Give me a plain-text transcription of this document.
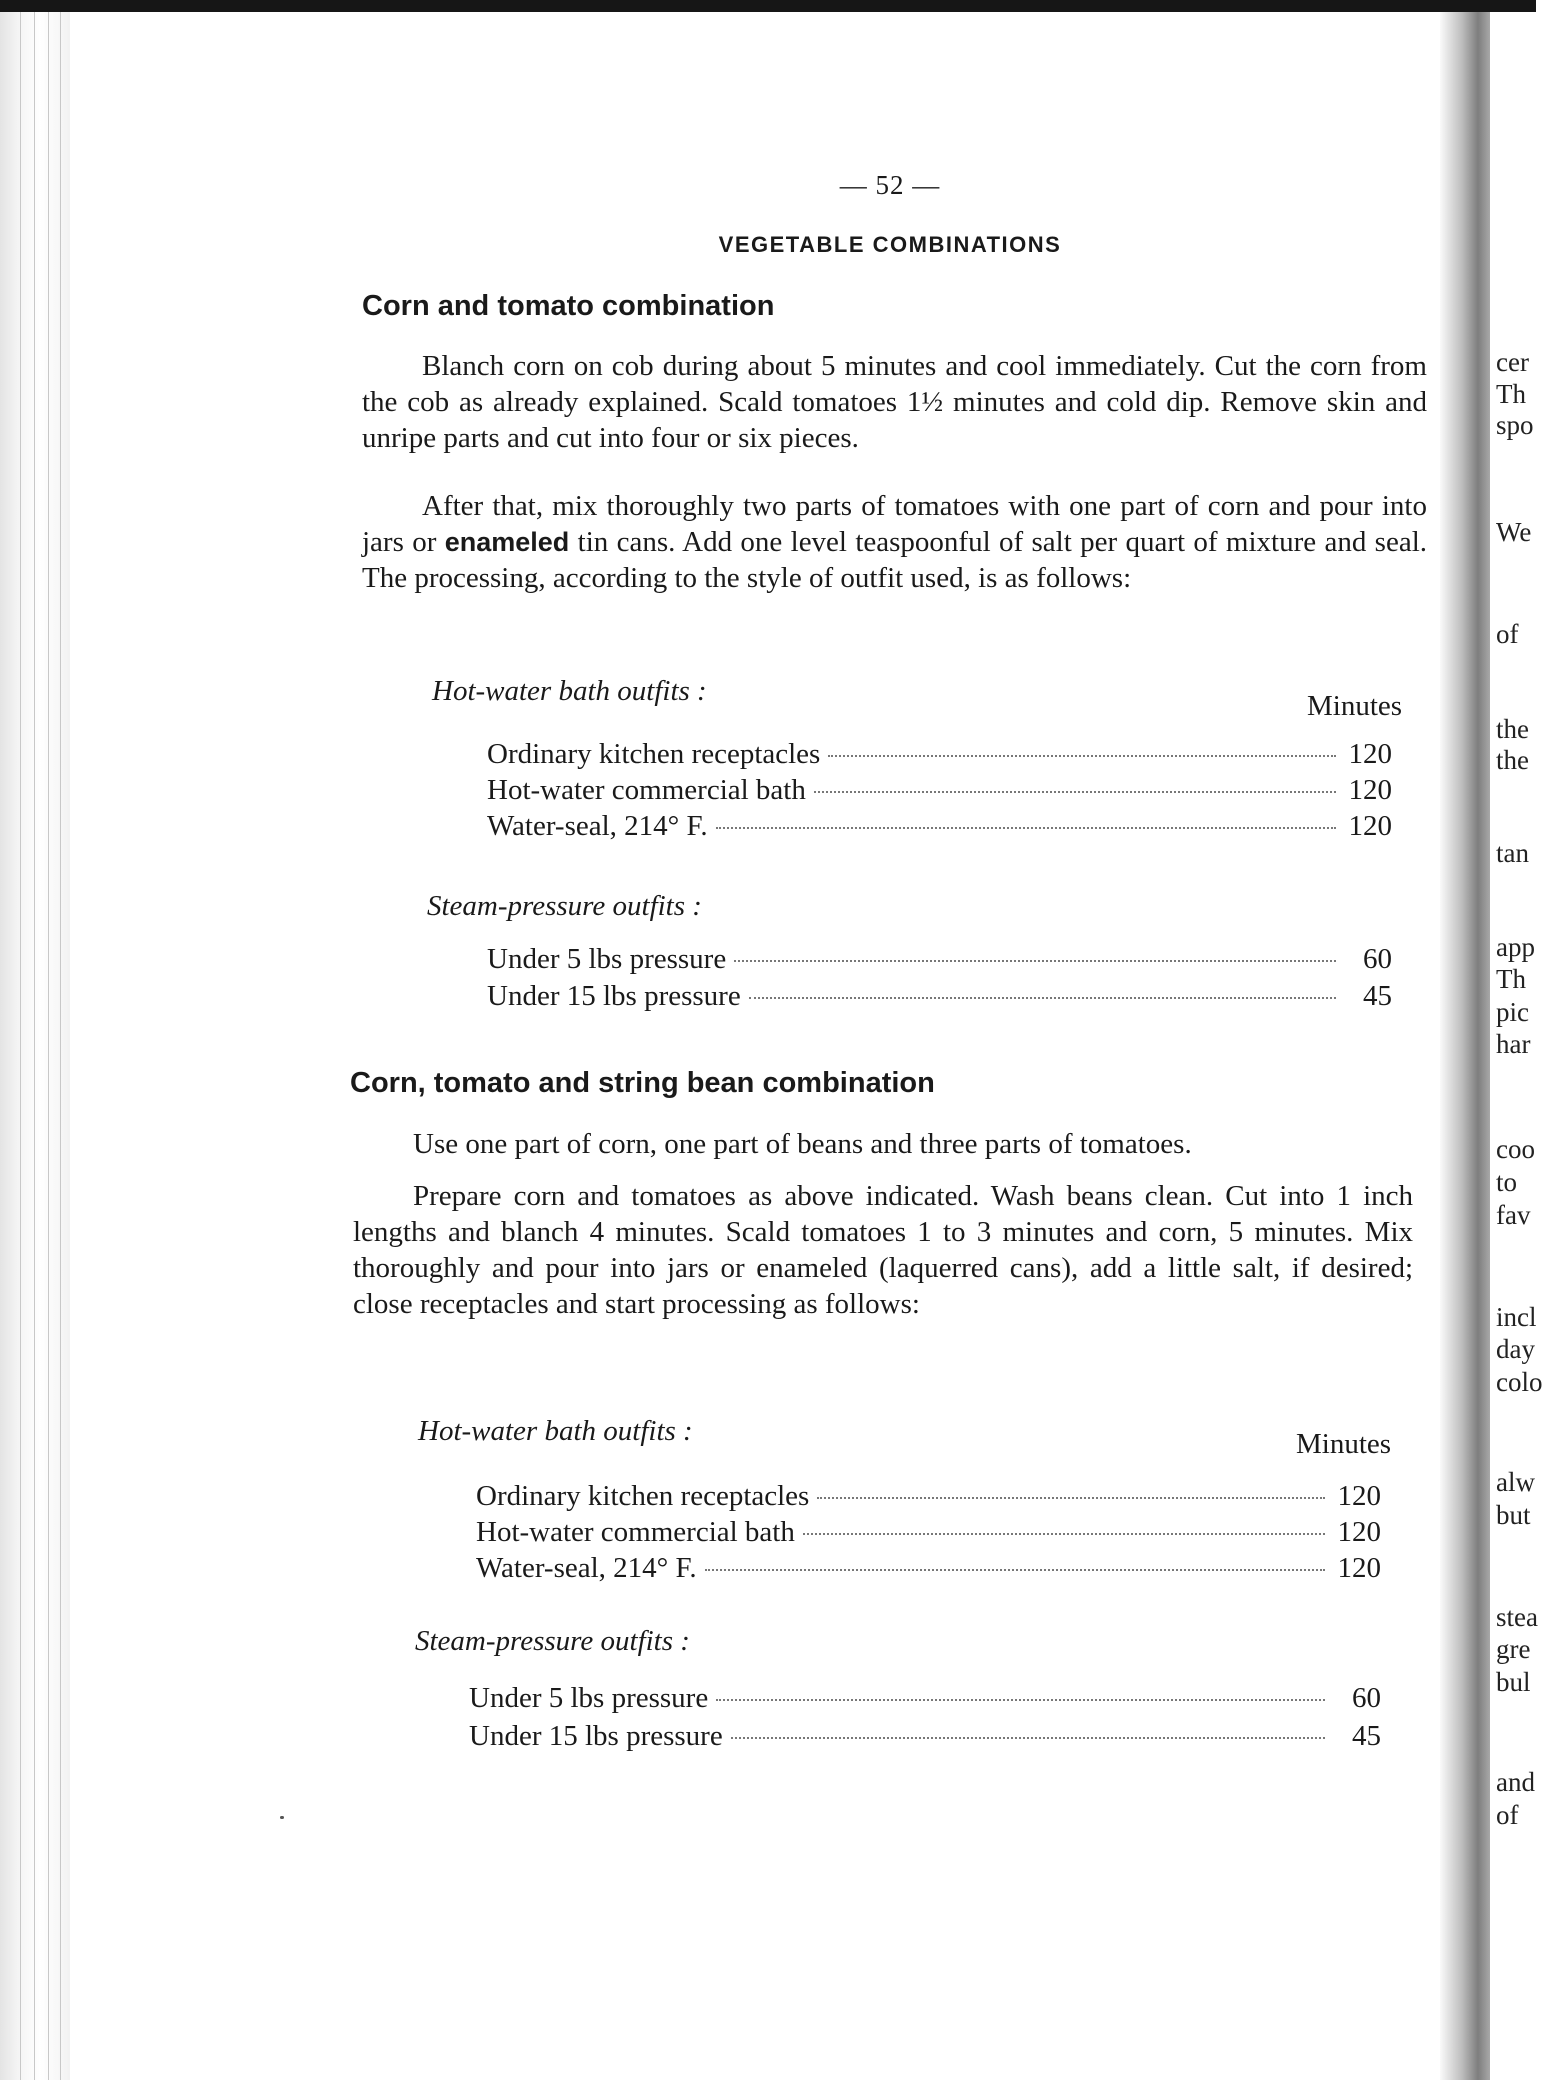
cer
Th
spo
We
of
the
the
tan
app
Th
pic
har
coo
to
fav
incl
day
colo
alw
but
stea
gre
bul
and
of
— 52 —
VEGETABLE COMBINATIONS
Corn and tomato combination
Blanch corn on cob during about 5 minutes and cool immediately. Cut the corn from the cob as already explained. Scald tomatoes 1½ minutes and cold dip. Remove skin and unripe parts and cut into four or six pieces.
After that, mix thoroughly two parts of tomatoes with one part of corn and pour into jars or enameled tin cans. Add one level teaspoonful of salt per quart of mixture and seal. The processing, according to the style of outfit used, is as follows:
Hot-water bath outfits :	Minutes
Ordinary kitchen receptacles	120
Hot-water commercial bath	120
Water-seal, 214° F.	120
Steam-pressure outfits :
Under 5 lbs pressure	60
Under 15 lbs pressure	45
Corn, tomato and string bean combination
Use one part of corn, one part of beans and three parts of tomatoes.
Prepare corn and tomatoes as above indicated. Wash beans clean. Cut into 1 inch lengths and blanch 4 minutes. Scald tomatoes 1 to 3 minutes and corn, 5 minutes. Mix thoroughly and pour into jars or enameled (laquerred cans), add a little salt, if desired; close receptacles and start processing as follows:
Hot-water bath outfits :	Minutes
Ordinary kitchen receptacles	120
Hot-water commercial bath	120
Water-seal, 214° F.	120
Steam-pressure outfits :
Under 5 lbs pressure	60
Under 15 lbs pressure	45
